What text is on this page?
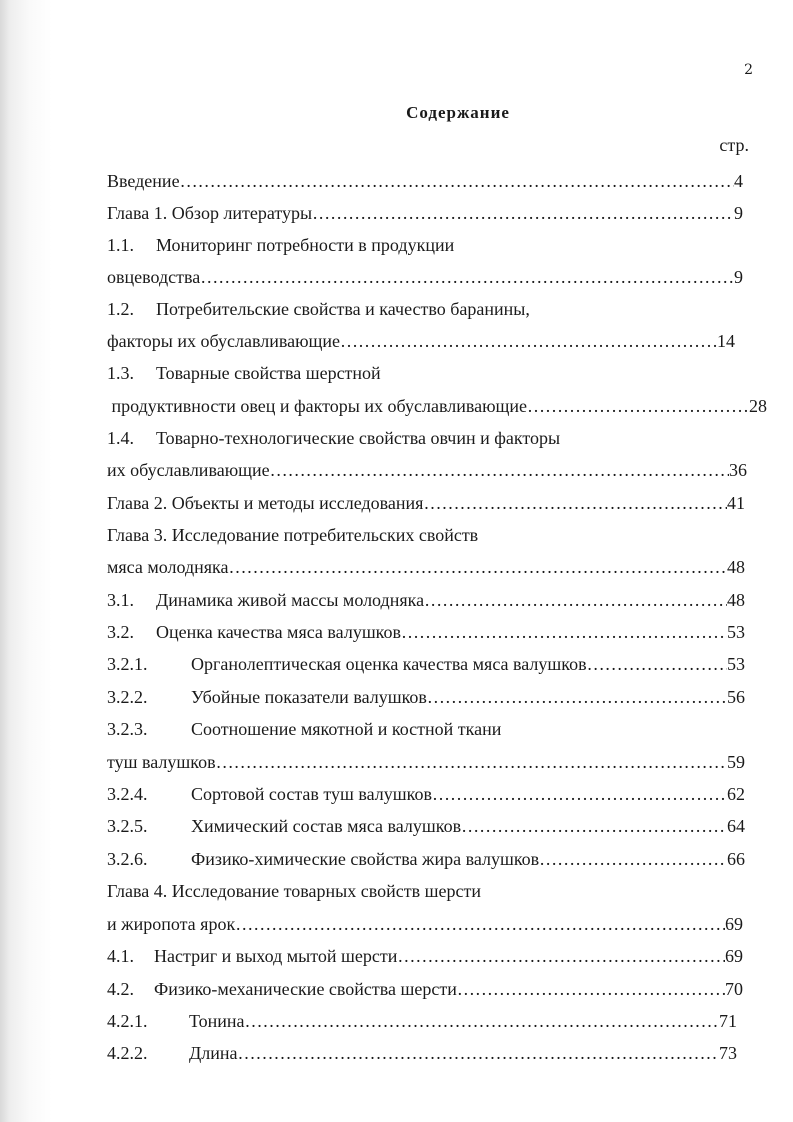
2
Содержание
стр.
Введение …………………………………………………………………………………………………………………………	4
Глава 1. Обзор литературы …………………………………………………………………………………………………………………………	9
1.1.	Мониторинг потребности в продукции
овцеводства …………………………………………………………………………………………………………………………	9
1.2.	Потребительские свойства и качество баранины,
факторы их обуславливающие …………………………………………………………………………………………………………………………	14
1.3.	Товарные свойства шерстной
продуктивности овец и факторы их обуславливающие …………………………………………………………………………………………………………………………	28
1.4.	Товарно-технологические свойства овчин и факторы
их обуславливающие …………………………………………………………………………………………………………………………	36
Глава 2. Объекты и методы исследования …………………………………………………………………………………………………………………………	41
Глава 3. Исследование потребительских свойств
мяса молодняка …………………………………………………………………………………………………………………………	48
3.1.	Динамика живой массы молодняка …………………………………………………………………………………………………………………………	48
3.2.	Оценка качества мяса валушков …………………………………………………………………………………………………………………………	53
3.2.1.	Органолептическая оценка качества мяса валушков …………………………………………………………………………………………………………………………	53
3.2.2.	Убойные показатели валушков …………………………………………………………………………………………………………………………	56
3.2.3.	Соотношение мякотной и костной ткани
туш валушков …………………………………………………………………………………………………………………………	59
3.2.4.	Сортовой состав туш валушков …………………………………………………………………………………………………………………………	62
3.2.5.	Химический состав мяса валушков …………………………………………………………………………………………………………………………	64
3.2.6.	Физико-химические свойства жира валушков …………………………………………………………………………………………………………………………	66
Глава 4. Исследование товарных свойств шерсти
и жиропота ярок …………………………………………………………………………………………………………………………	69
4.1.	Настриг и выход мытой шерсти …………………………………………………………………………………………………………………………	69
4.2.	Физико-механические свойства шерсти …………………………………………………………………………………………………………………………	70
4.2.1.	Тонина …………………………………………………………………………………………………………………………	71
4.2.2.	Длина …………………………………………………………………………………………………………………………	73
